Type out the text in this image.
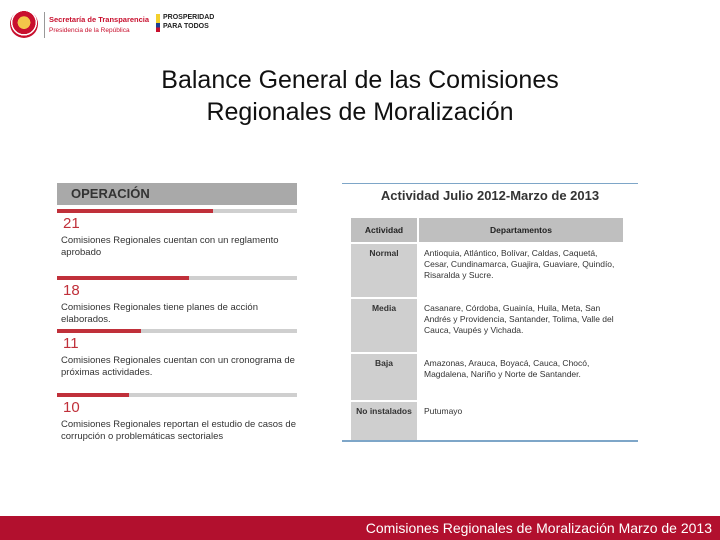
Secretaría de Transparencia
Presidencia de la República
PROSPERIDAD
PARA TODOS
Balance General de las Comisiones
Regionales de Moralización
OPERACIÓN
21
Comisiones Regionales cuentan con un reglamento aprobado
18
Comisiones Regionales tiene planes de acción elaborados.
11
Comisiones Regionales cuentan con un cronograma de próximas actividades.
10
Comisiones Regionales reportan el estudio de casos de corrupción o problemáticas sectoriales
Actividad Julio 2012-Marzo de 2013
Actividad	Departamentos
Normal	Antioquia, Atlántico, Bolívar, Caldas, Caquetá, Cesar, Cundinamarca, Guajira, Guaviare, Quindío, Risaralda y Sucre.
Media	Casanare, Córdoba, Guainía, Huila, Meta, San Andrés y Providencia, Santander, Tolima, Valle del Cauca, Vaupés y Vichada.
Baja	Amazonas, Arauca, Boyacá, Cauca, Chocó, Magdalena, Nariño y Norte de Santander.
No instalados	Putumayo
Comisiones Regionales de Moralización Marzo de 2013
